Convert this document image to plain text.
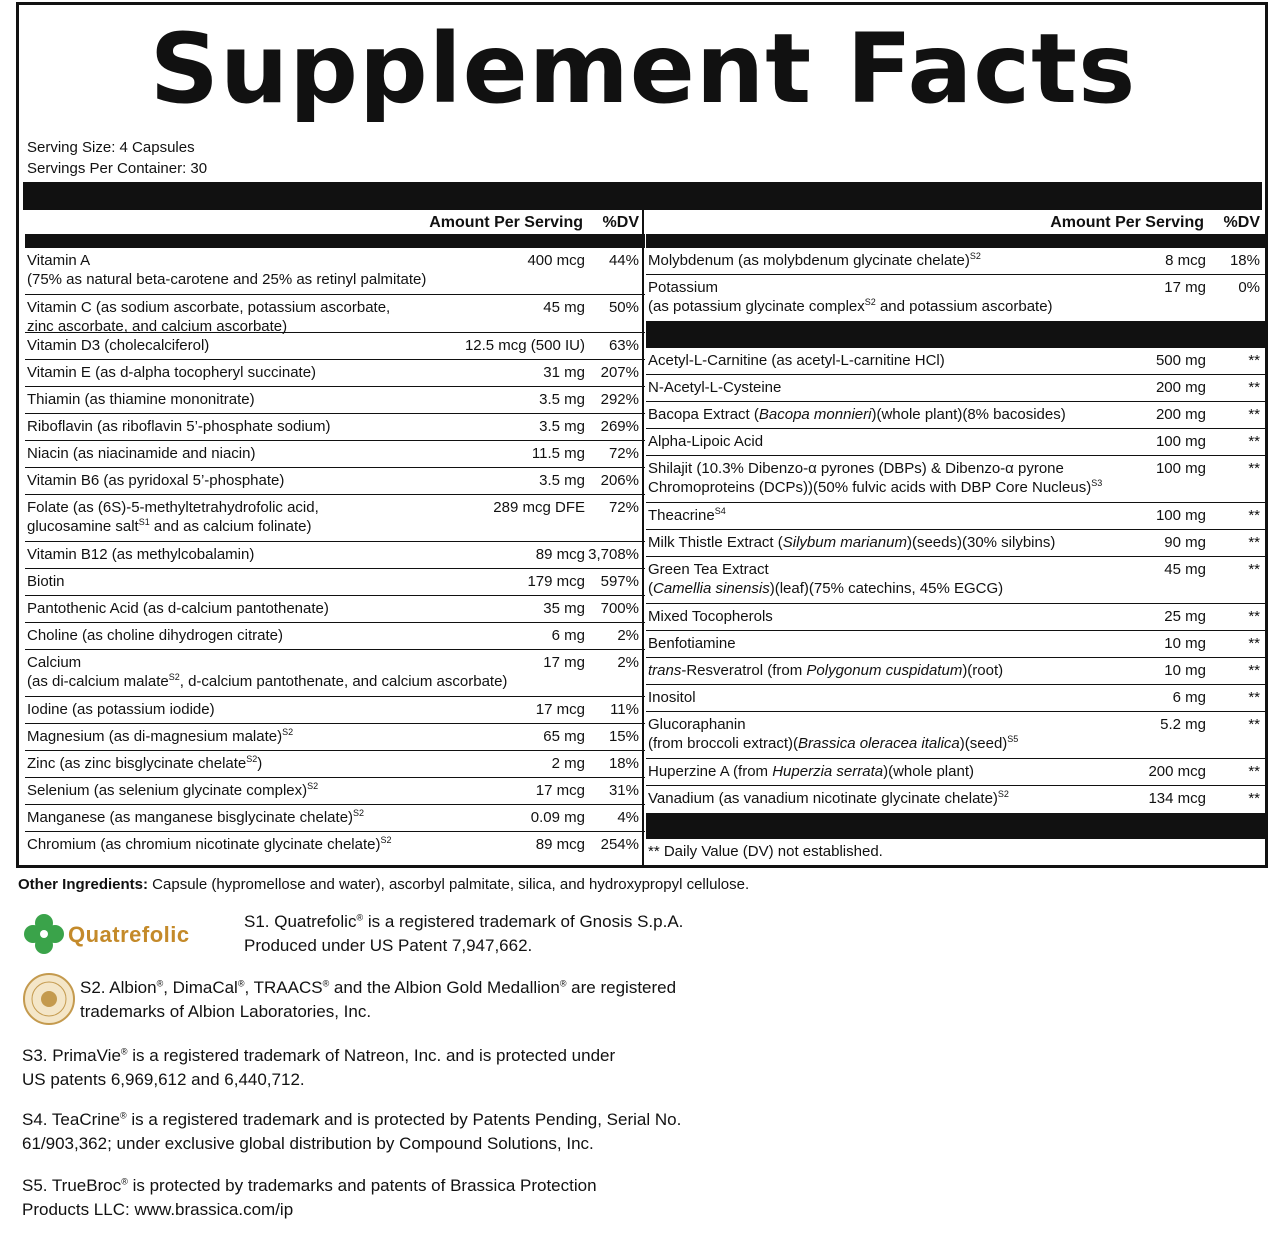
Supplement Facts
Serving Size: 4 Capsules
Servings Per Container: 30
Amount Per Serving %DV
Vitamin A
(75% as natural beta-carotene and 25% as retinyl palmitate)
400 mcg 44%
Vitamin C (as sodium ascorbate, potassium ascorbate,
zinc ascorbate, and calcium ascorbate)
45 mg 50%
Vitamin D3 (cholecalciferol)	12.5 mcg (500 IU) 63%
Vitamin E (as d-alpha tocopheryl succinate)	31 mg 207%
Thiamin (as thiamine mononitrate)	3.5 mg 292%
Riboflavin (as riboflavin 5’-phosphate sodium)	3.5 mg 269%
Niacin (as niacinamide and niacin)	11.5 mg 72%
Vitamin B6 (as pyridoxal 5’-phosphate)	3.5 mg 206%
Folate (as (6S)-5-methyltetrahydrofolic acid,
glucosamine salt$^{S1}$ and as calcium folinate)
289 mcg DFE 72%
Vitamin B12 (as methylcobalamin)	89 mcg 3,708%
Biotin	179 mcg 597%
Pantothenic Acid (as d-calcium pantothenate)	35 mg 700%
Choline (as choline dihydrogen citrate)	6 mg 2%
Calcium
(as di-calcium malate$^{S2}$, d-calcium pantothenate, and calcium ascorbate)
17 mg 2%
Iodine (as potassium iodide)	17 mcg 11%
Magnesium (as di-magnesium malate)$^{S2}$	65 mg 15%
Zinc (as zinc bisglycinate chelate$^{S2}$)	2 mg 18%
Selenium (as selenium glycinate complex)$^{S2}$	17 mcg 31%
Manganese (as manganese bisglycinate chelate)$^{S2}$	0.09 mg 4%
Chromium (as chromium nicotinate glycinate chelate)$^{S2}$	89 mcg 254%
Amount Per Serving %DV
Molybdenum (as molybdenum glycinate chelate)$^{S2}$	8 mcg 18%
Potassium
(as potassium glycinate complex$^{S2}$ and potassium ascorbate)
17 mg 0%
Acetyl-L-Carnitine (as acetyl-L-carnitine HCl)	500 mg	**
N-Acetyl-L-Cysteine	200 mg	**
Bacopa Extract (Bacopa monnieri)(whole plant)(8% bacosides)	200 mg	**
Alpha-Lipoic Acid	100 mg	**
Shilajit (10.3% Dibenzo-α pyrones (DBPs) & Dibenzo-α pyrone
Chromoproteins (DCPs))(50% fulvic acids with DBP Core Nucleus)$^{S3}$
100 mg	**
Theacrine$^{S4}$	100 mg	**
Milk Thistle Extract (Silybum marianum)(seeds)(30% silybins)	90 mg	**
Green Tea Extract
(Camellia sinensis)(leaf)(75% catechins, 45% EGCG)
45 mg	**
Mixed Tocopherols	25 mg	**
Benfotiamine	10 mg	**
trans-Resveratrol (from Polygonum cuspidatum)(root)	10 mg	**
Inositol	6 mg	**
Glucoraphanin
(from broccoli extract)(Brassica oleracea italica)(seed)$^{S5}$
5.2 mg	**
Huperzine A (from Huperzia serrata)(whole plant)	200 mcg	**
Vanadium (as vanadium nicotinate glycinate chelate)$^{S2}$	134 mcg	**
** Daily Value (DV) not established.
Other Ingredients: Capsule (hypromellose and water), ascorbyl palmitate, silica, and hydroxypropyl cellulose.
Quatrefolic
S1. Quatrefolic® is a registered trademark of Gnosis S.p.A.
Produced under US Patent 7,947,662.
S2. Albion®, DimaCal®, TRAACS® and the Albion Gold Medallion® are registered
trademarks of Albion Laboratories, Inc.
S3. PrimaVie® is a registered trademark of Natreon, Inc. and is protected under
US patents 6,969,612 and 6,440,712.
S4. TeaCrine® is a registered trademark and is protected by Patents Pending, Serial No.
61/903,362; under exclusive global distribution by Compound Solutions, Inc.
S5. TrueBroc® is protected by trademarks and patents of Brassica Protection
Products LLC: www.brassica.com/ip
